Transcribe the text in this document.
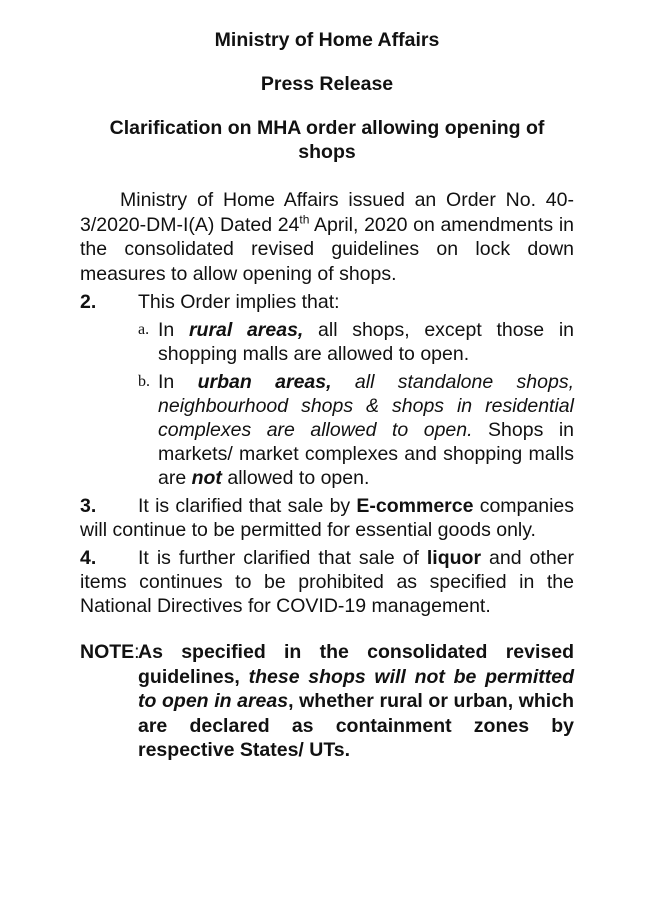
Ministry of Home Affairs
Press Release
Clarification on MHA order allowing opening of shops

Ministry of Home Affairs issued an Order No. 40-3/2020-DM-I(A) Dated 24th April, 2020 on amendments in the consolidated revised guidelines on lock down measures to allow opening of shops.

2. This Order implies that:
a. In rural areas, all shops, except those in shopping malls are allowed to open.
b. In urban areas, all standalone shops, neighbourhood shops & shops in residential complexes are allowed to open. Shops in markets/ market complexes and shopping malls are not allowed to open.

3. It is clarified that sale by E-commerce companies will continue to be permitted for essential goods only.

4. It is further clarified that sale of liquor and other items continues to be prohibited as specified in the National Directives for COVID-19 management.

NOTE:
As specified in the consolidated revised guidelines, these shops will not be permitted to open in areas, whether rural or urban, which are declared as containment zones by respective States/ UTs.
